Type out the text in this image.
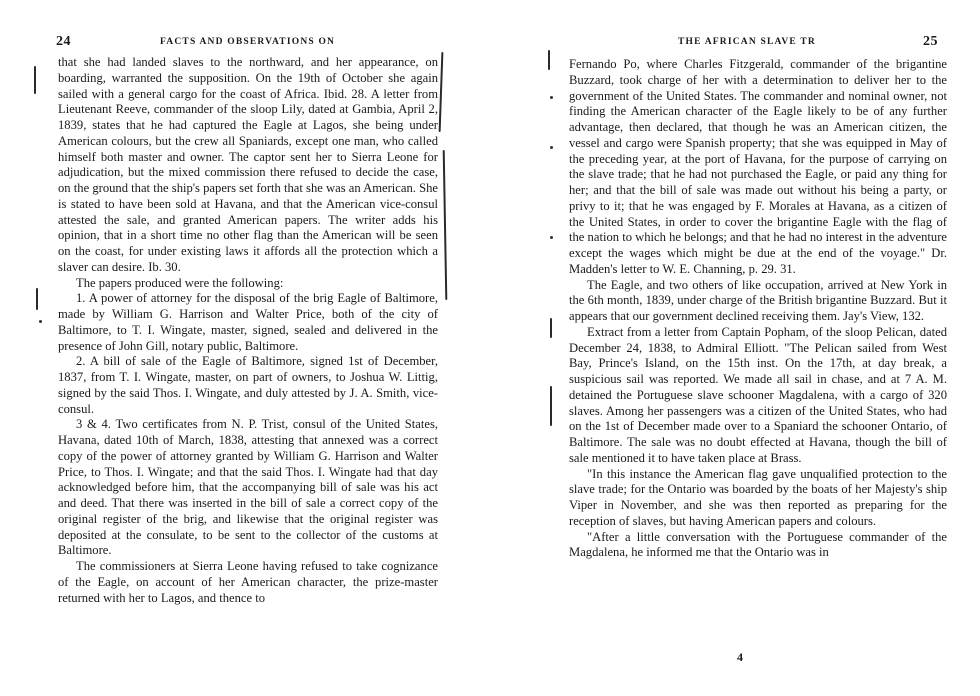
24	FACTS AND OBSERVATIONS ON

that she had landed slaves to the northward, and her appearance, on boarding, warranted the supposition. On the 19th of October she again sailed with a general cargo for the coast of Africa. Ibid. 28. A letter from Lieutenant Reeve, commander of the sloop Lily, dated at Gambia, April 2, 1839, states that he had captured the Eagle at Lagos, she being under American colours, but the crew all Spaniards, except one man, who called himself both master and owner. The captor sent her to Sierra Leone for adjudication, but the mixed commission there refused to decide the case, on the ground that the ship's papers set forth that she was an American. She is stated to have been sold at Havana, and that the American vice-consul attested the sale, and granted American papers. The writer adds his opinion, that in a short time no other flag than the American will be seen on the coast, for under existing laws it affords all the protection which a slaver can desire. Ib. 30.

The papers produced were the following:

1. A power of attorney for the disposal of the brig Eagle of Baltimore, made by William G. Harrison and Walter Price, both of the city of Baltimore, to T. I. Wingate, master, signed, sealed and delivered in the presence of John Gill, notary public, Baltimore.

2. A bill of sale of the Eagle of Baltimore, signed 1st of December, 1837, from T. I. Wingate, master, on part of owners, to Joshua W. Littig, signed by the said Thos. I. Wingate, and duly attested by J. A. Smith, vice-consul.

3 & 4. Two certificates from N. P. Trist, consul of the United States, Havana, dated 10th of March, 1838, attesting that annexed was a correct copy of the power of attorney granted by William G. Harrison and Walter Price, to Thos. I. Wingate; and that the said Thos. I. Wingate had that day acknowledged before him, that the accompanying bill of sale was his act and deed. That there was inserted in the bill of sale a correct copy of the original register of the brig, and likewise that the original register was deposited at the consulate, to be sent to the collector of the customs at Baltimore.

The commissioners at Sierra Leone having refused to take cognizance of the Eagle, on account of her American character, the prize-master returned with her to Lagos, and thence to

25
THE AFRICAN SLAVE TR

Fernando Po, where Charles Fitzgerald, commander of the brigantine Buzzard, took charge of her with a determination to deliver her to the government of the United States. The commander and nominal owner, not finding the American character of the Eagle likely to be of any further advantage, then declared, that though he was an American citizen, the vessel and cargo were Spanish property; that she was equipped in May of the preceding year, at the port of Havana, for the purpose of carrying on the slave trade; that he had not purchased the Eagle, or paid any thing for her; and that the bill of sale was made out without his being a party, or privy to it; that he was engaged by F. Morales at Havana, as a citizen of the United States, in order to cover the brigantine Eagle with the flag of the nation to which he belongs; and that he had no interest in the adventure except the wages which might be due at the end of the voyage." Dr. Madden's letter to W. E. Channing, p. 29. 31.

The Eagle, and two others of like occupation, arrived at New York in the 6th month, 1839, under charge of the British brigantine Buzzard. But it appears that our government declined receiving them. Jay's View, 132.

Extract from a letter from Captain Popham, of the sloop Pelican, dated December 24, 1838, to Admiral Elliott. "The Pelican sailed from West Bay, Prince's Island, on the 15th inst. On the 17th, at day break, a suspicious sail was reported. We made all sail in chase, and at 7 A. M. detained the Portuguese slave schooner Magdalena, with a cargo of 320 slaves. Among her passengers was a citizen of the United States, who had on the 1st of December made over to a Spaniard the schooner Ontario, of Baltimore. The sale was no doubt effected at Havana, though the bill of sale mentioned it to have taken place at Brass.

"In this instance the American flag gave unqualified protection to the slave trade; for the Ontario was boarded by the boats of her Majesty's ship Viper in November, and she was then reported as preparing for the reception of slaves, but having American papers and colours.

"After a little conversation with the Portuguese commander of the Magdalena, he informed me that the Ontario was in

4
